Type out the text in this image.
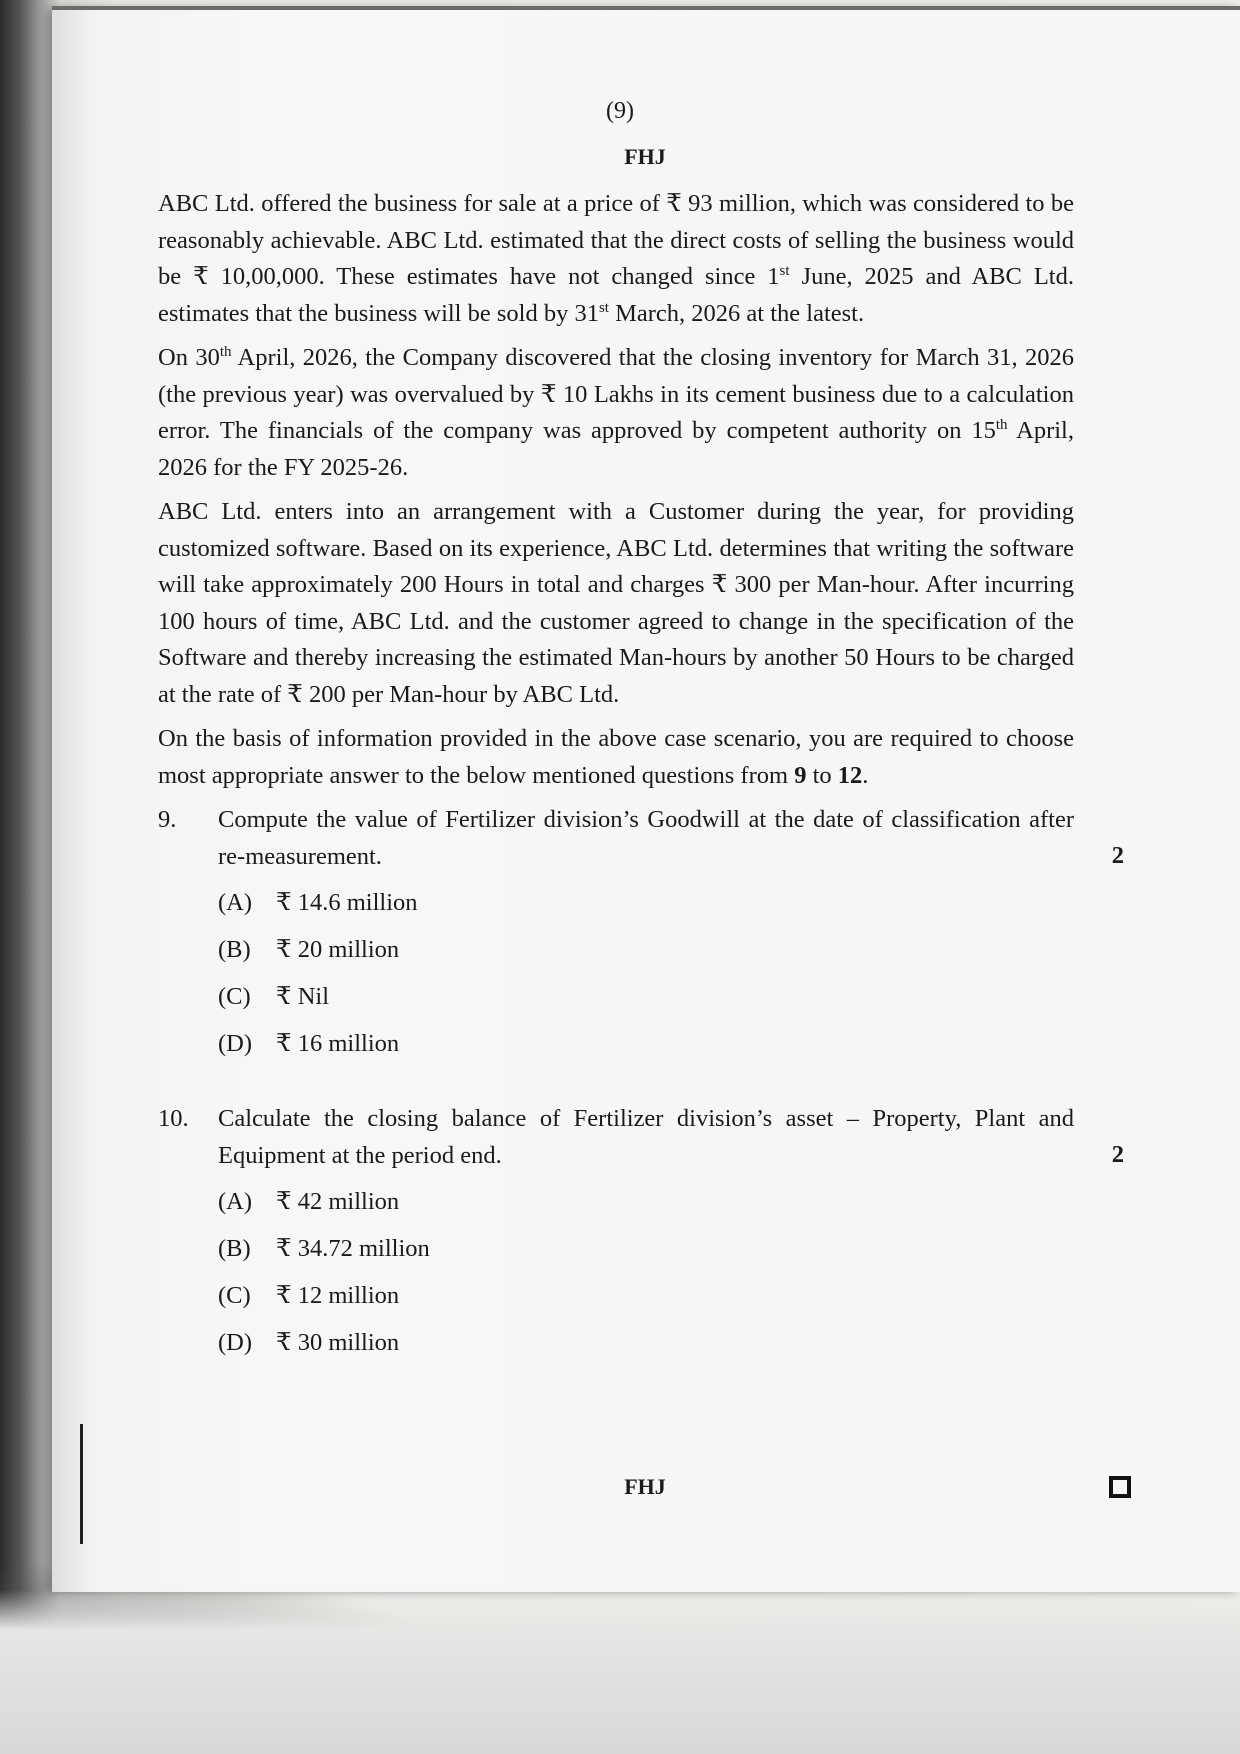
(9)
FHJ

ABC Ltd. offered the business for sale at a price of ₹ 93 million, which was considered to be reasonably achievable. ABC Ltd. estimated that the direct costs of selling the business would be ₹ 10,00,000. These estimates have not changed since 1st June, 2025 and ABC Ltd. estimates that the business will be sold by 31st March, 2026 at the latest.

On 30th April, 2026, the Company discovered that the closing inventory for March 31, 2026 (the previous year) was overvalued by ₹ 10 Lakhs in its cement business due to a calculation error. The financials of the company was approved by competent authority on 15th April, 2026 for the FY 2025-26.

ABC Ltd. enters into an arrangement with a Customer during the year, for providing customized software. Based on its experience, ABC Ltd. determines that writing the software will take approximately 200 Hours in total and charges ₹ 300 per Man-hour. After incurring 100 hours of time, ABC Ltd. and the customer agreed to change in the specification of the Software and thereby increasing the estimated Man-hours by another 50 Hours to be charged at the rate of ₹ 200 per Man-hour by ABC Ltd.

On the basis of information provided in the above case scenario, you are required to choose most appropriate answer to the below mentioned questions from 9 to 12.

9.	Compute the value of Fertilizer division’s Goodwill at the date of classification after re-measurement.	2
(A) ₹ 14.6 million
(B) ₹ 20 million
(C) ₹ Nil
(D) ₹ 16 million
10.	Calculate the closing balance of Fertilizer division’s asset – Property, Plant and Equipment at the period end.	2
(A) ₹ 42 million
(B) ₹ 34.72 million
(C) ₹ 12 million
(D) ₹ 30 million
FHJ
